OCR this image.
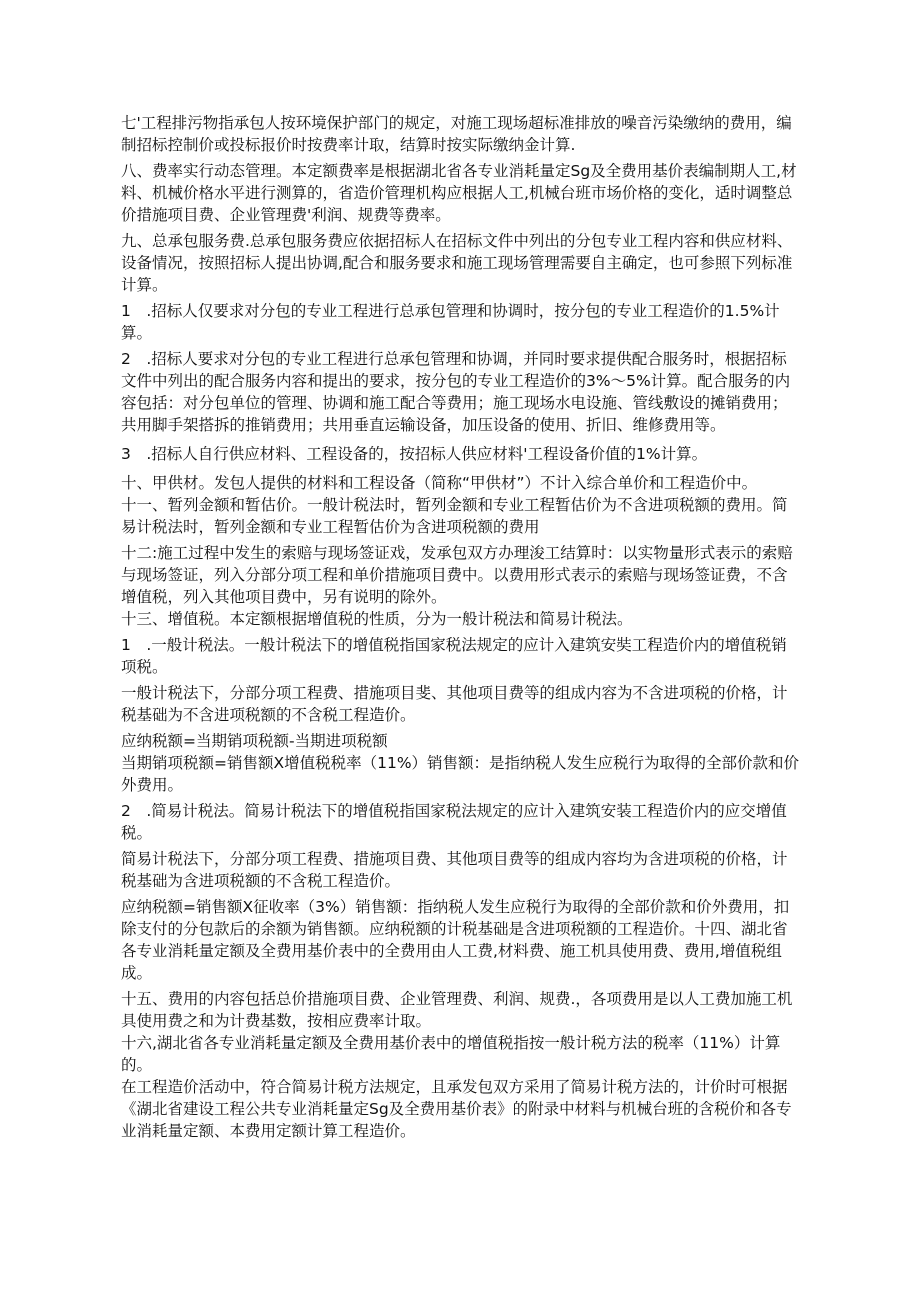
七'工程排污物指承包人按环境保护部门的规定，对施工现场超标准排放的噪音污染缴纳的费用，编制招标控制价或投标报价时按费率计取，结算时按实际缴纳金计算.

八、费率实行动态管理。本定额费率是根据湖北省各专业消耗量定Sg及全费用基价表编制期人工,材料、机械价格水平进行测算的，省造价管理机构应根据人工,机械台班市场价格的变化，适时调整总价措施项目费、企业管理费'利润、规费等费率。

九、总承包服务费.总承包服务费应依据招标人在招标文件中列出的分包专业工程内容和供应材料、设备情况，按照招标人提出协调,配合和服务要求和施工现场管理需要自主确定，也可参照下列标准计算。

1 .招标人仅要求对分包的专业工程进行总承包管理和协调时，按分包的专业工程造价的1.5%计算。

2 .招标人要求对分包的专业工程进行总承包管理和协调，并同时要求提供配合服务时，根据招标文件中列出的配合服务内容和提出的要求，按分包的专业工程造价的3%～5%计算。配合服务的内容包括：对分包单位的管理、协调和施工配合等费用；施工现场水电设施、管线敷设的摊销费用；共用脚手架搭拆的推销费用；共用垂直运输设备，加压设备的使用、折旧、维修费用等。

3 .招标人自行供应材料、工程设备的，按招标人供应材料'工程设备价值的1%计算。

十、甲供材。发包人提供的材料和工程设备（简称“甲供材”）不计入综合单价和工程造价中。

十一、暂列金额和暂估价。一般计税法时，暂列金额和专业工程暂估价为不含进项税额的费用。简易计税法时，暂列金额和专业工程暂估价为含进项税额的费用

十二:施工过程中发生的索赔与现场签证戏，发承包双方办理浚工结算时：以实物量形式表示的索赔与现场签证，列入分部分项工程和单价措施项目费中。以费用形式表示的索赔与现场签证费，不含增值税，列入其他项目费中，另有说明的除外。

十三、增值税。本定额根据增值税的性质，分为一般计税法和简易计税法。

1 .一般计税法。一般计税法下的增值税指国家税法规定的应计入建筑安奘工程造价内的增值税销项税。

一般计税法下，分部分项工程费、措施项目斐、其他项目费等的组成内容为不含进项税的价格，计税基础为不含进项税额的不含税工程造价。

应纳税额=当期销项税额-当期进项税额

当期销项税额=销售额X增值税税率（11%）销售额：是指纳税人发生应税行为取得的全部价款和价外费用。

2 .简易计税法。简易计税法下的增值税指国家税法规定的应计入建筑安装工程造价内的应交增值税。

简易计税法下，分部分项工程费、措施项目费、其他项目费等的组成内容均为含进项税的价格，计税基础为含进项税额的不含税工程造价。

应纳税额=销售额X征收率（3%）销售额：指纳税人发生应税行为取得的全部价款和价外费用，扣除支付的分包款后的余额为销售额。应纳税额的计税基础是含进项税额的工程造价。十四、湖北省各专业消耗量定额及全费用基价表中的全费用由人工费,材料费、施工机具使用费、费用,增值税组成。

十五、费用的内容包括总价措施项目费、企业管理费、利润、规费.，各项费用是以人工费加施工机具使用费之和为计费基数，按相应费率计取。

十六,湖北省各专业消耗量定额及全费用基价表中的增值税指按一般计税方法的税率（11%）计算的。

在工程造价活动中，符合简易计税方法规定，且承发包双方采用了简易计税方法的，计价时可根据《湖北省建设工程公共专业消耗量定Sg及全费用基价表》的附录中材料与机械台班的含税价和各专业消耗量定额、本费用定额计算工程造价。
